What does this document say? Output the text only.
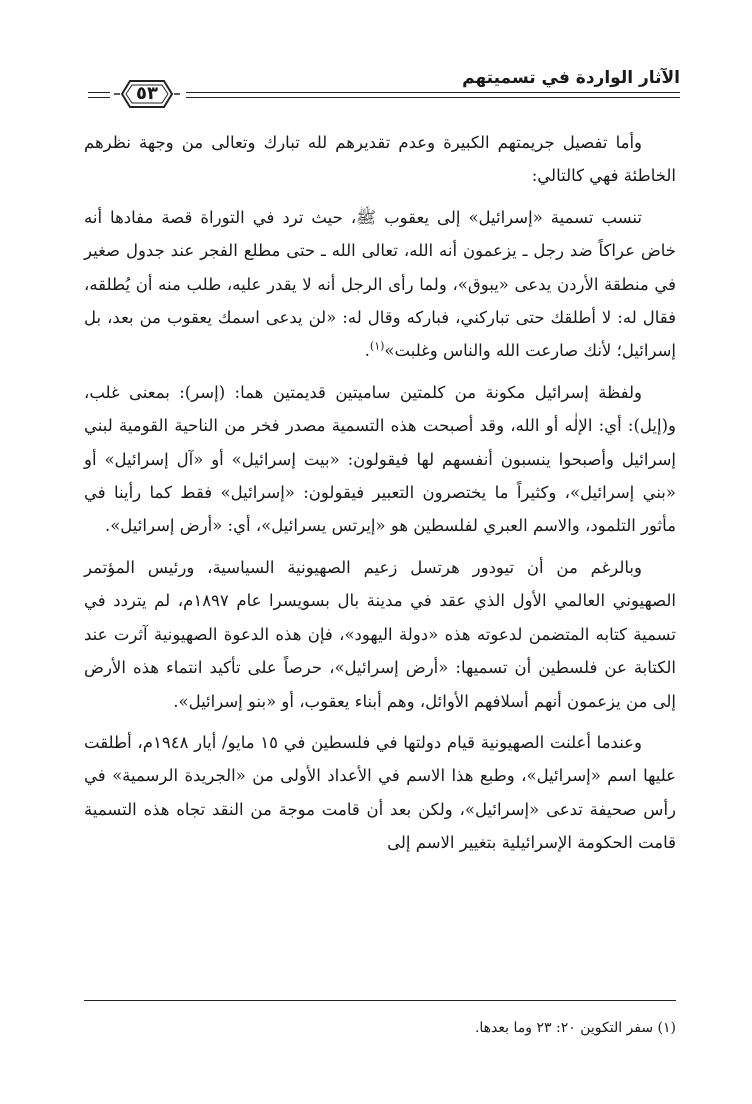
٥٣
الآثار الواردة في تسميتهم

وأما تفصيل جريمتهم الكبيرة وعدم تقديرهم لله تبارك وتعالى من وجهة نظرهم الخاطئة فهي كالتالي:

تنسب تسمية «إسرائيل» إلى يعقوب ﷺ، حيث ترد في التوراة قصة مفادها أنه خاض عراكاً ضد رجل ـ يزعمون أنه الله، تعالى الله ـ حتى مطلع الفجر عند جدول صغير في منطقة الأردن يدعى «يبوق»، ولما رأى الرجل أنه لا يقدر عليه، طلب منه أن يُطلقه، فقال له: لا أطلقك حتى تباركني، فباركه وقال له: «لن يدعى اسمك يعقوب من بعد، بل إسرائيل؛ لأنك صارعت الله والناس وغلبت»$^{(١)}$.

ولفظة إسرائيل مكونة من كلمتين ساميتين قديمتين هما: (إسر): بمعنى غلب، و(إيل): أي: الإلٰه أو الله، وقد أصبحت هذه التسمية مصدر فخر من الناحية القومية لبني إسرائيل وأصبحوا ينسبون أنفسهم لها فيقولون: «بيت إسرائيل» أو «آل إسرائيل» أو «بني إسرائيل»، وكثيراً ما يختصرون التعبير فيقولون: «إسرائيل» فقط كما رأينا في مأثور التلمود، والاسم العبري لفلسطين هو «إيرتس يسرائيل»، أي: «أرض إسرائيل».

وبالرغم من أن تيودور هرتسل زعيم الصهيونية السياسية، ورئيس المؤتمر الصهيوني العالمي الأول الذي عقد في مدينة بال بسويسرا عام ١٨٩٧م، لم يتردد في تسمية كتابه المتضمن لدعوته هذه «دولة اليهود»، فإن هذه الدعوة الصهيونية آثرت عند الكتابة عن فلسطين أن تسميها: «أرض إسرائيل»، حرصاً على تأكيد انتماء هذه الأرض إلى من يزعمون أنهم أسلافهم الأوائل، وهم أبناء يعقوب، أو «بنو إسرائيل».

وعندما أعلنت الصهيونية قيام دولتها في فلسطين في ١٥ مايو/ أيار ١٩٤٨م، أطلقت عليها اسم «إسرائيل»، وطبع هذا الاسم في الأعداد الأولى من «الجريدة الرسمية» في رأس صحيفة تدعى «إسرائيل»، ولكن بعد أن قامت موجة من النقد تجاه هذه التسمية قامت الحكومة الإسرائيلية بتغيير الاسم إلى

(١) سفر التكوين ٢٠: ٢٣ وما بعدها.
